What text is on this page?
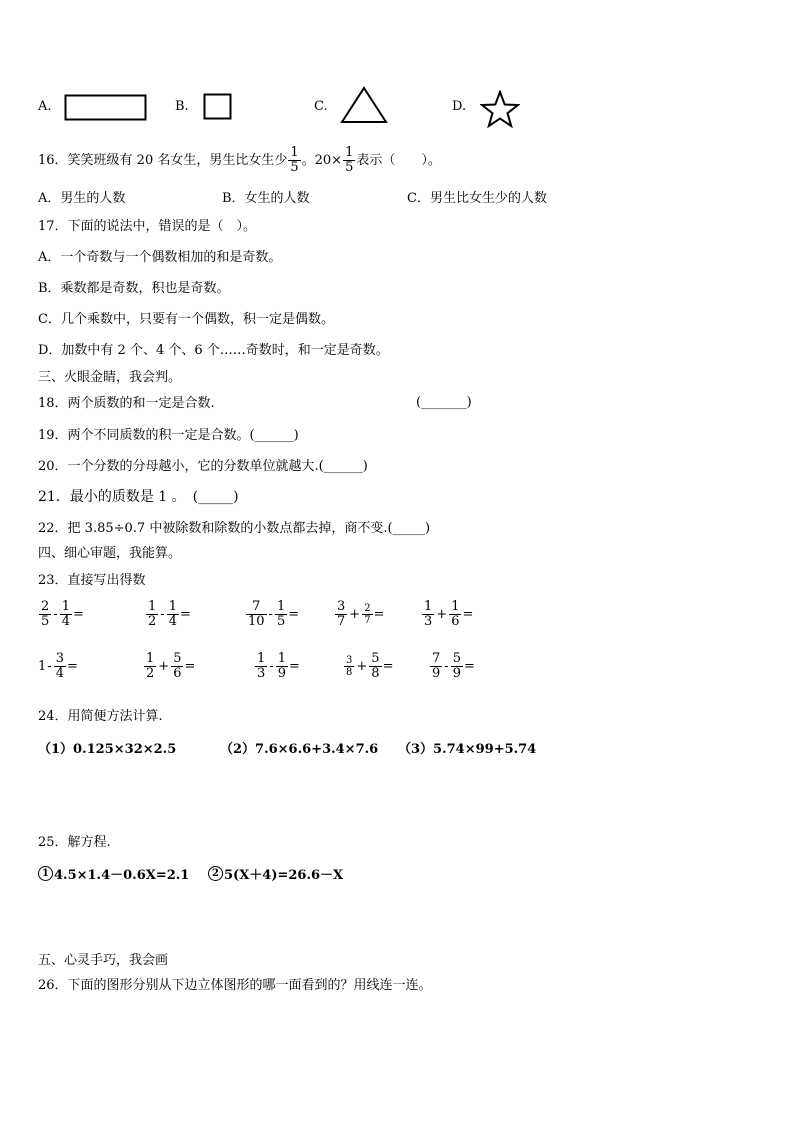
A.	B.	C.	D.
16．笑笑班级有 20 名女生，男生比女生少 $\frac{1}{5}$ 。$20\times \frac{1}{5}$ 表示（　　）。
A．男生的人数	B．女生的人数	C．男生比女生少的人数
17．下面的说法中，错误的是（　）。
A．一个奇数与一个偶数相加的和是奇数。
B．乘数都是奇数，积也是奇数。
C．几个乘数中，只要有一个偶数，积一定是偶数。
D．加数中有 2 个、4 个、6 个……奇数时，和一定是奇数。
三、火眼金睛，我会判。
18．两个质数的和一定是合数.	(_______)
19．两个不同质数的积一定是合数。(______)
20．一个分数的分母越小，它的分数单位就越大.(______)
21．最小的质数是 1 。　(_____)
22．把 3.85÷0.7 中被除数和除数的小数点都去掉，商不变.(_____)
四、细心审题，我能算。
23．直接写出得数
$\frac{2}{5} - \frac{1}{4}$ =	$\frac{1}{2} - \frac{1}{4}$ =	$\frac{7}{10} - \frac{1}{5}$ =	$\frac{3}{7} + \frac{2}{7}$ =	$\frac{1}{3} + \frac{1}{6}$ =
$1 - \frac{3}{4}$ =	$\frac{1}{2} + \frac{5}{6}$ =	$\frac{1}{3} - \frac{1}{9}$ =	$\frac{3}{8} + \frac{5}{8}$ =	$\frac{7}{9} - \frac{5}{9}$ =
24．用简便方法计算.
（1）0.125×32×2.5	（2）7.6×6.6+3.4×7.6 （3）5.74×99+5.74
25．解方程.
1 4.5×1.4－0.6X=2.1	2 5(X＋4)=26.6－X
五、心灵手巧，我会画
26．下面的图形分别从下边立体图形的哪一面看到的？用线连一连。
